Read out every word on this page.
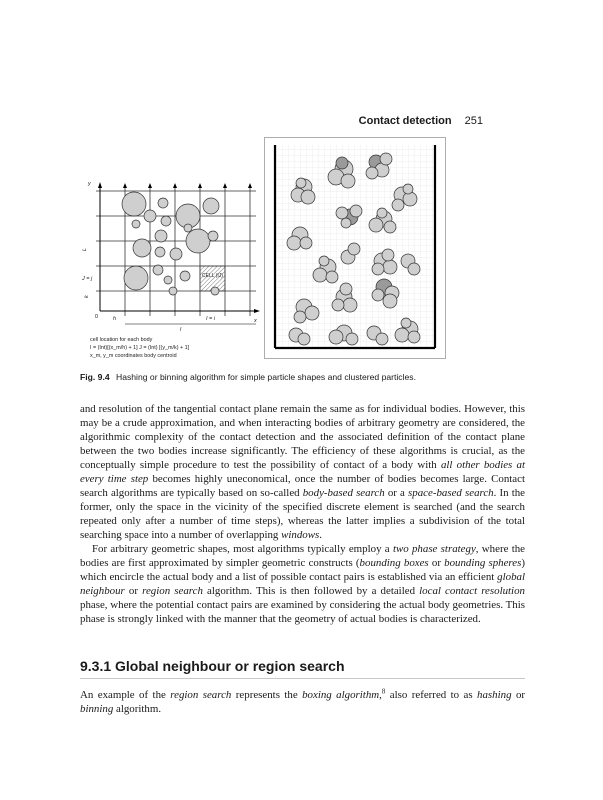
Contact detection 251
y
x
0
L
J = j
k
h	I = i
l
CELL (IJ)
cell location for each body
I = (Int)[(x_m/h) + 1] J = (Int) [(y_m/k) + 1]
x_m, y_m coordinates body centroid
Fig. 9.4 Hashing or binning algorithm for simple particle shapes and clustered particles.

and resolution of the tangential contact plane remain the same as for individual bodies. However, this may be a crude approximation, and when interacting bodies of arbitrary geometry are considered, the algorithmic complexity of the contact detection and the associated definition of the contact plane between the two bodies increase significantly. The efficiency of these algorithms is crucial, as the conceptually simple procedure to test the possibility of contact of a body with all other bodies at every time step becomes highly uneconomical, once the number of bodies becomes large. Contact search algorithms are typically based on so-called body-based search or a space-based search. In the former, only the space in the vicinity of the specified discrete element is searched (and the search repeated only after a number of time steps), whereas the latter implies a subdivision of the total searching space into a number of overlapping windows.

For arbitrary geometric shapes, most algorithms typically employ a two phase strategy, where the bodies are first approximated by simpler geometric constructs (bounding boxes or bounding spheres) which encircle the actual body and a list of possible contact pairs is established via an efficient global neighbour or region search algorithm. This is then followed by a detailed local contact resolution phase, where the potential contact pairs are examined by considering the actual body geometries. This phase is strongly linked with the manner that the geometry of actual bodies is characterized.

9.3.1 Global neighbour or region search

An example of the region search represents the boxing algorithm,$^8$ also referred to as hashing or binning algorithm.
